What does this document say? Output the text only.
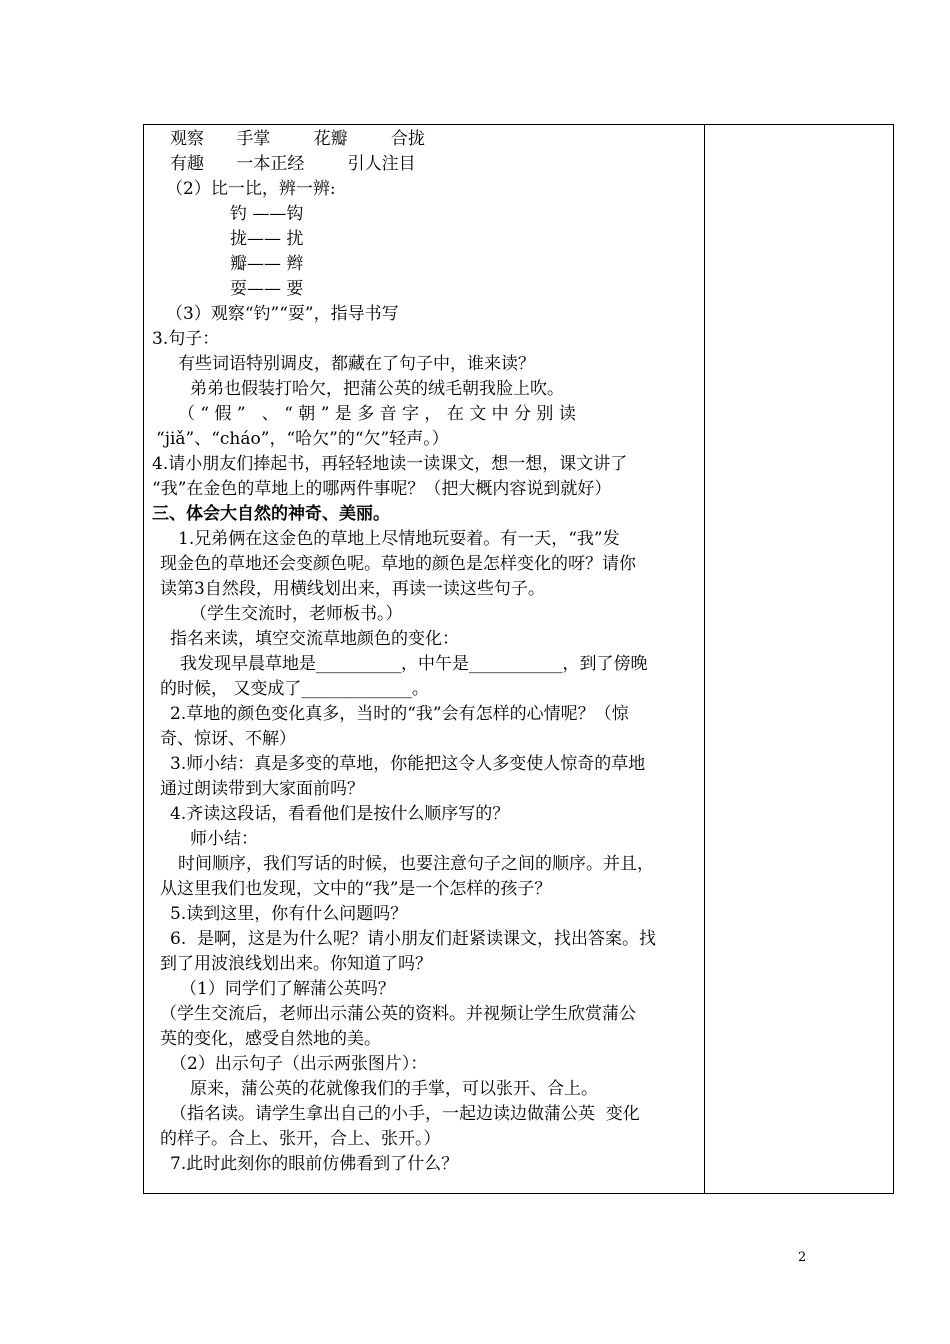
观察      手掌        花瓣        合拢
有趣      一本正经        引人注目
（2）比一比，辨一辨:
钓 ——钩
拢—— 扰
瓣—— 辫
耍—— 要
（3）观察“钓”“耍”，指导书写
3.句子：
有些词语特别调皮，都藏在了句子中，谁来读？
弟弟也假装打哈欠，把蒲公英的绒毛朝我脸上吹。
（ “ 假 ”   、 “ 朝 ” 是 多 音 字 ， 在 文 中 分 别 读
“jiǎ”、“cháo”，“哈欠”的“欠”轻声。）
4.请小朋友们捧起书，再轻轻地读一读课文，想一想，课文讲了
“我”在金色的草地上的哪两件事呢？（把大概内容说到就好）
三、体会大自然的神奇、美丽。
1.兄弟俩在这金色的草地上尽情地玩耍着。有一天，“我”发
现金色的草地还会变颜色呢。草地的颜色是怎样变化的呀？请你
读第3自然段，用横线划出来，再读一读这些句子。
（学生交流时，老师板书。）
指名来读，填空交流草地颜色的变化：
我发现早晨草地是__________，中午是___________，到了傍晚
的时候， 又变成了_____________。
2.草地的颜色变化真多，当时的“我”会有怎样的心情呢？（惊
奇、惊讶、不解）
3.师小结：真是多变的草地，你能把这令人多变使人惊奇的草地
通过朗读带到大家面前吗？
4.齐读这段话，看看他们是按什么顺序写的？
师小结：
时间顺序，我们写话的时候，也要注意句子之间的顺序。并且，
从这里我们也发现，文中的“我”是一个怎样的孩子？
5.读到这里，你有什么问题吗？
6.  是啊，这是为什么呢？请小朋友们赶紧读课文，找出答案。找
到了用波浪线划出来。你知道了吗？
（1）同学们了解蒲公英吗？
（学生交流后，老师出示蒲公英的资料。并视频让学生欣赏蒲公
英的变化，感受自然地的美。
（2）出示句子（出示两张图片）：
原来，蒲公英的花就像我们的手掌，可以张开、合上。
（指名读。请学生拿出自己的小手，一起边读边做蒲公英  变化
的样子。合上、张开，合上、张开。）
7.此时此刻你的眼前仿佛看到了什么？
2
